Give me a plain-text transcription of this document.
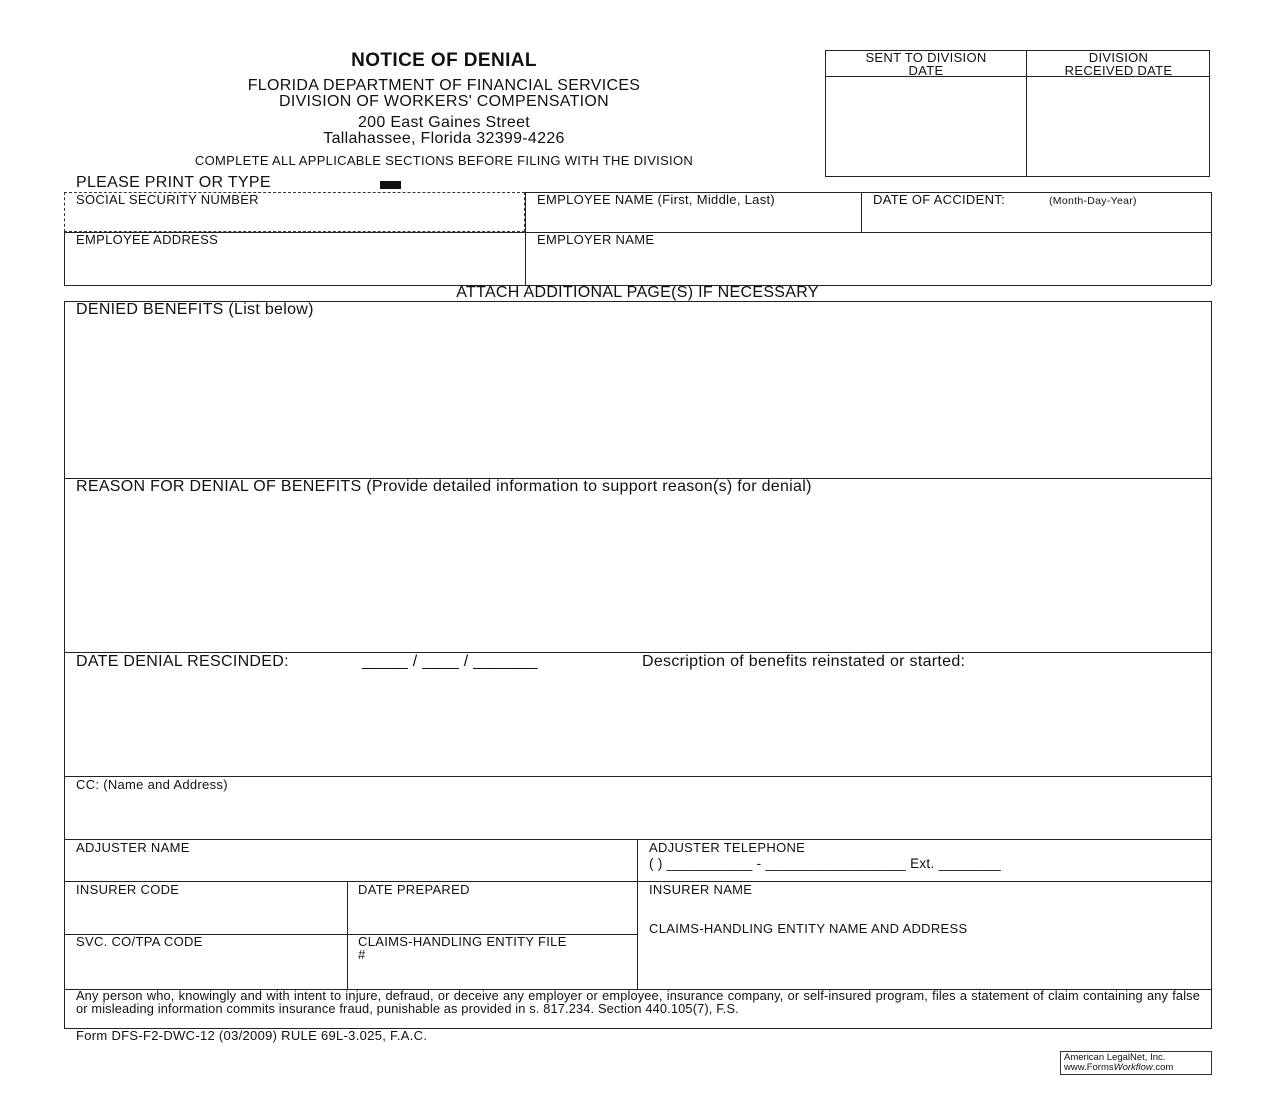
NOTICE OF DENIAL
FLORIDA DEPARTMENT OF FINANCIAL SERVICES
DIVISION OF WORKERS' COMPENSATION
200 East Gaines Street
Tallahassee, Florida 32399-4226
COMPLETE ALL APPLICABLE SECTIONS BEFORE FILING WITH THE DIVISION
PLEASE PRINT OR TYPE
SENT TO DIVISION
DATE
DIVISION
RECEIVED DATE
SOCIAL SECURITY NUMBER	EMPLOYEE NAME (First, Middle, Last)	DATE OF ACCIDENT:	(Month-Day-Year)
EMPLOYEE ADDRESS	EMPLOYER NAME
ATTACH ADDITIONAL PAGE(S) IF NECESSARY
DENIED BENEFITS (List below)
REASON FOR DENIAL OF BENEFITS (Provide detailed information to support reason(s) for denial)
DATE DENIAL RESCINDED:	_____ / ____ / _______	Description of benefits reinstated or started:
CC: (Name and Address)
ADJUSTER NAME	ADJUSTER TELEPHONE
( ) ___________ - __________________ Ext. ________
INSURER CODE	DATE PREPARED	INSURER NAME
CLAIMS-HANDLING ENTITY NAME AND ADDRESS
SVC. CO/TPA CODE	CLAIMS-HANDLING ENTITY FILE
#
Any person who, knowingly and with intent to injure, defraud, or deceive any employer or employee, insurance company, or self-insured program, files a statement of claim containing any false or misleading information commits insurance fraud, punishable as provided in s. 817.234. Section 440.105(7), F.S.
Form DFS-F2-DWC-12 (03/2009) RULE 69L-3.025, F.A.C.
American LegalNet, Inc.
www.FormsWorkflow.com
